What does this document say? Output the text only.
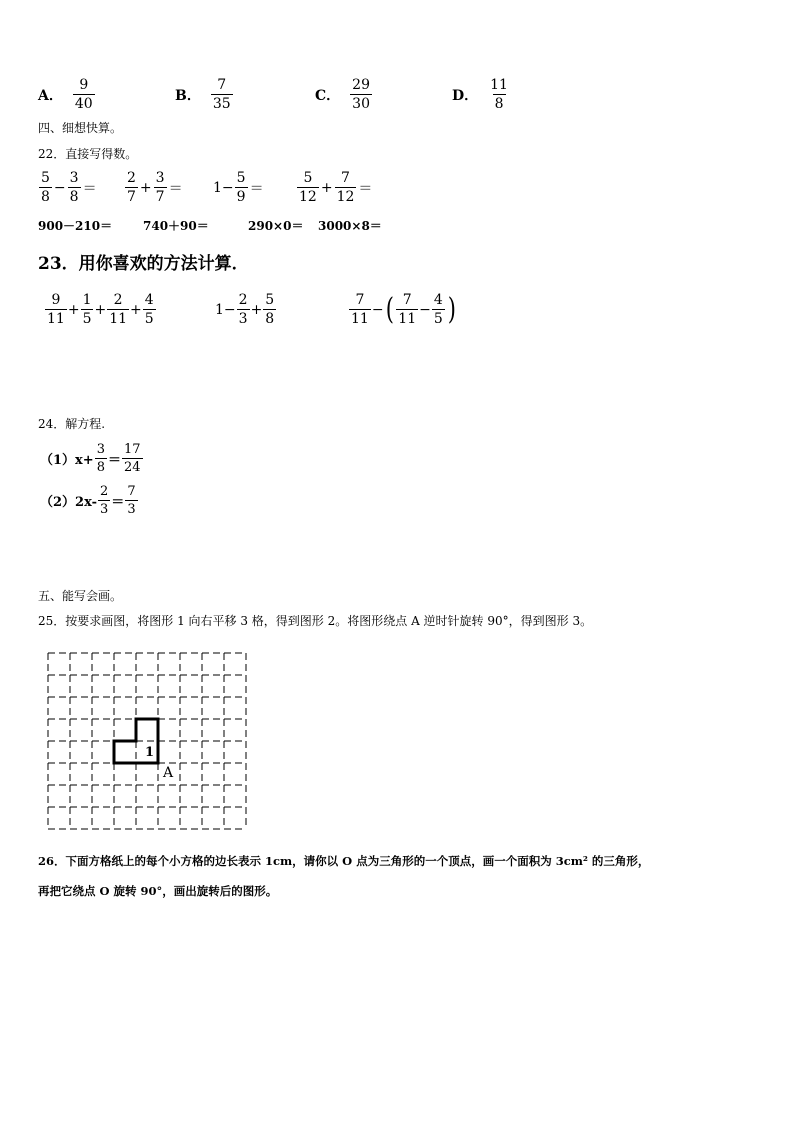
A． $\frac{9}{40}$	B． $\frac{7}{35}$	C． $\frac{29}{30}$	D． $\frac{11}{8}$
四、细想快算。
22．直接写得数。
$\frac{5}{8} - \frac{3}{8} = \frac{2}{7} + \frac{3}{7} = 1- \frac{5}{9} = \frac{5}{12} + \frac{7}{12}$ ＝
900－210＝	740＋90＝	290×0＝ 3000×8＝
23．用你喜欢的方法计算．
$\frac{9}{11} + \frac{1}{5} + \frac{2}{11} + \frac{4}{5}$	$1- \frac{2}{3} + \frac{5}{8}$	$\frac{7}{11}$ − ( $\frac{7}{11} - \frac{4}{5}$ )
24．解方程.
$(1)x+ \frac{3}{8} = \frac{17}{24}$
$(2)2x- \frac{2}{3} = \frac{7}{3}$
五、能写会画。
25．按要求画图，将图形 1 向右平移 3 格，得到图形 2。将图形绕点 A 逆时针旋转 90°，得到图形 3。
1
A
26．下面方格纸上的每个小方格的边长表示 1cm，请你以 O 点为三角形的一个顶点，画一个面积为 3cm² 的三角形，
再把它绕点 O 旋转 90°，画出旋转后的图形。
